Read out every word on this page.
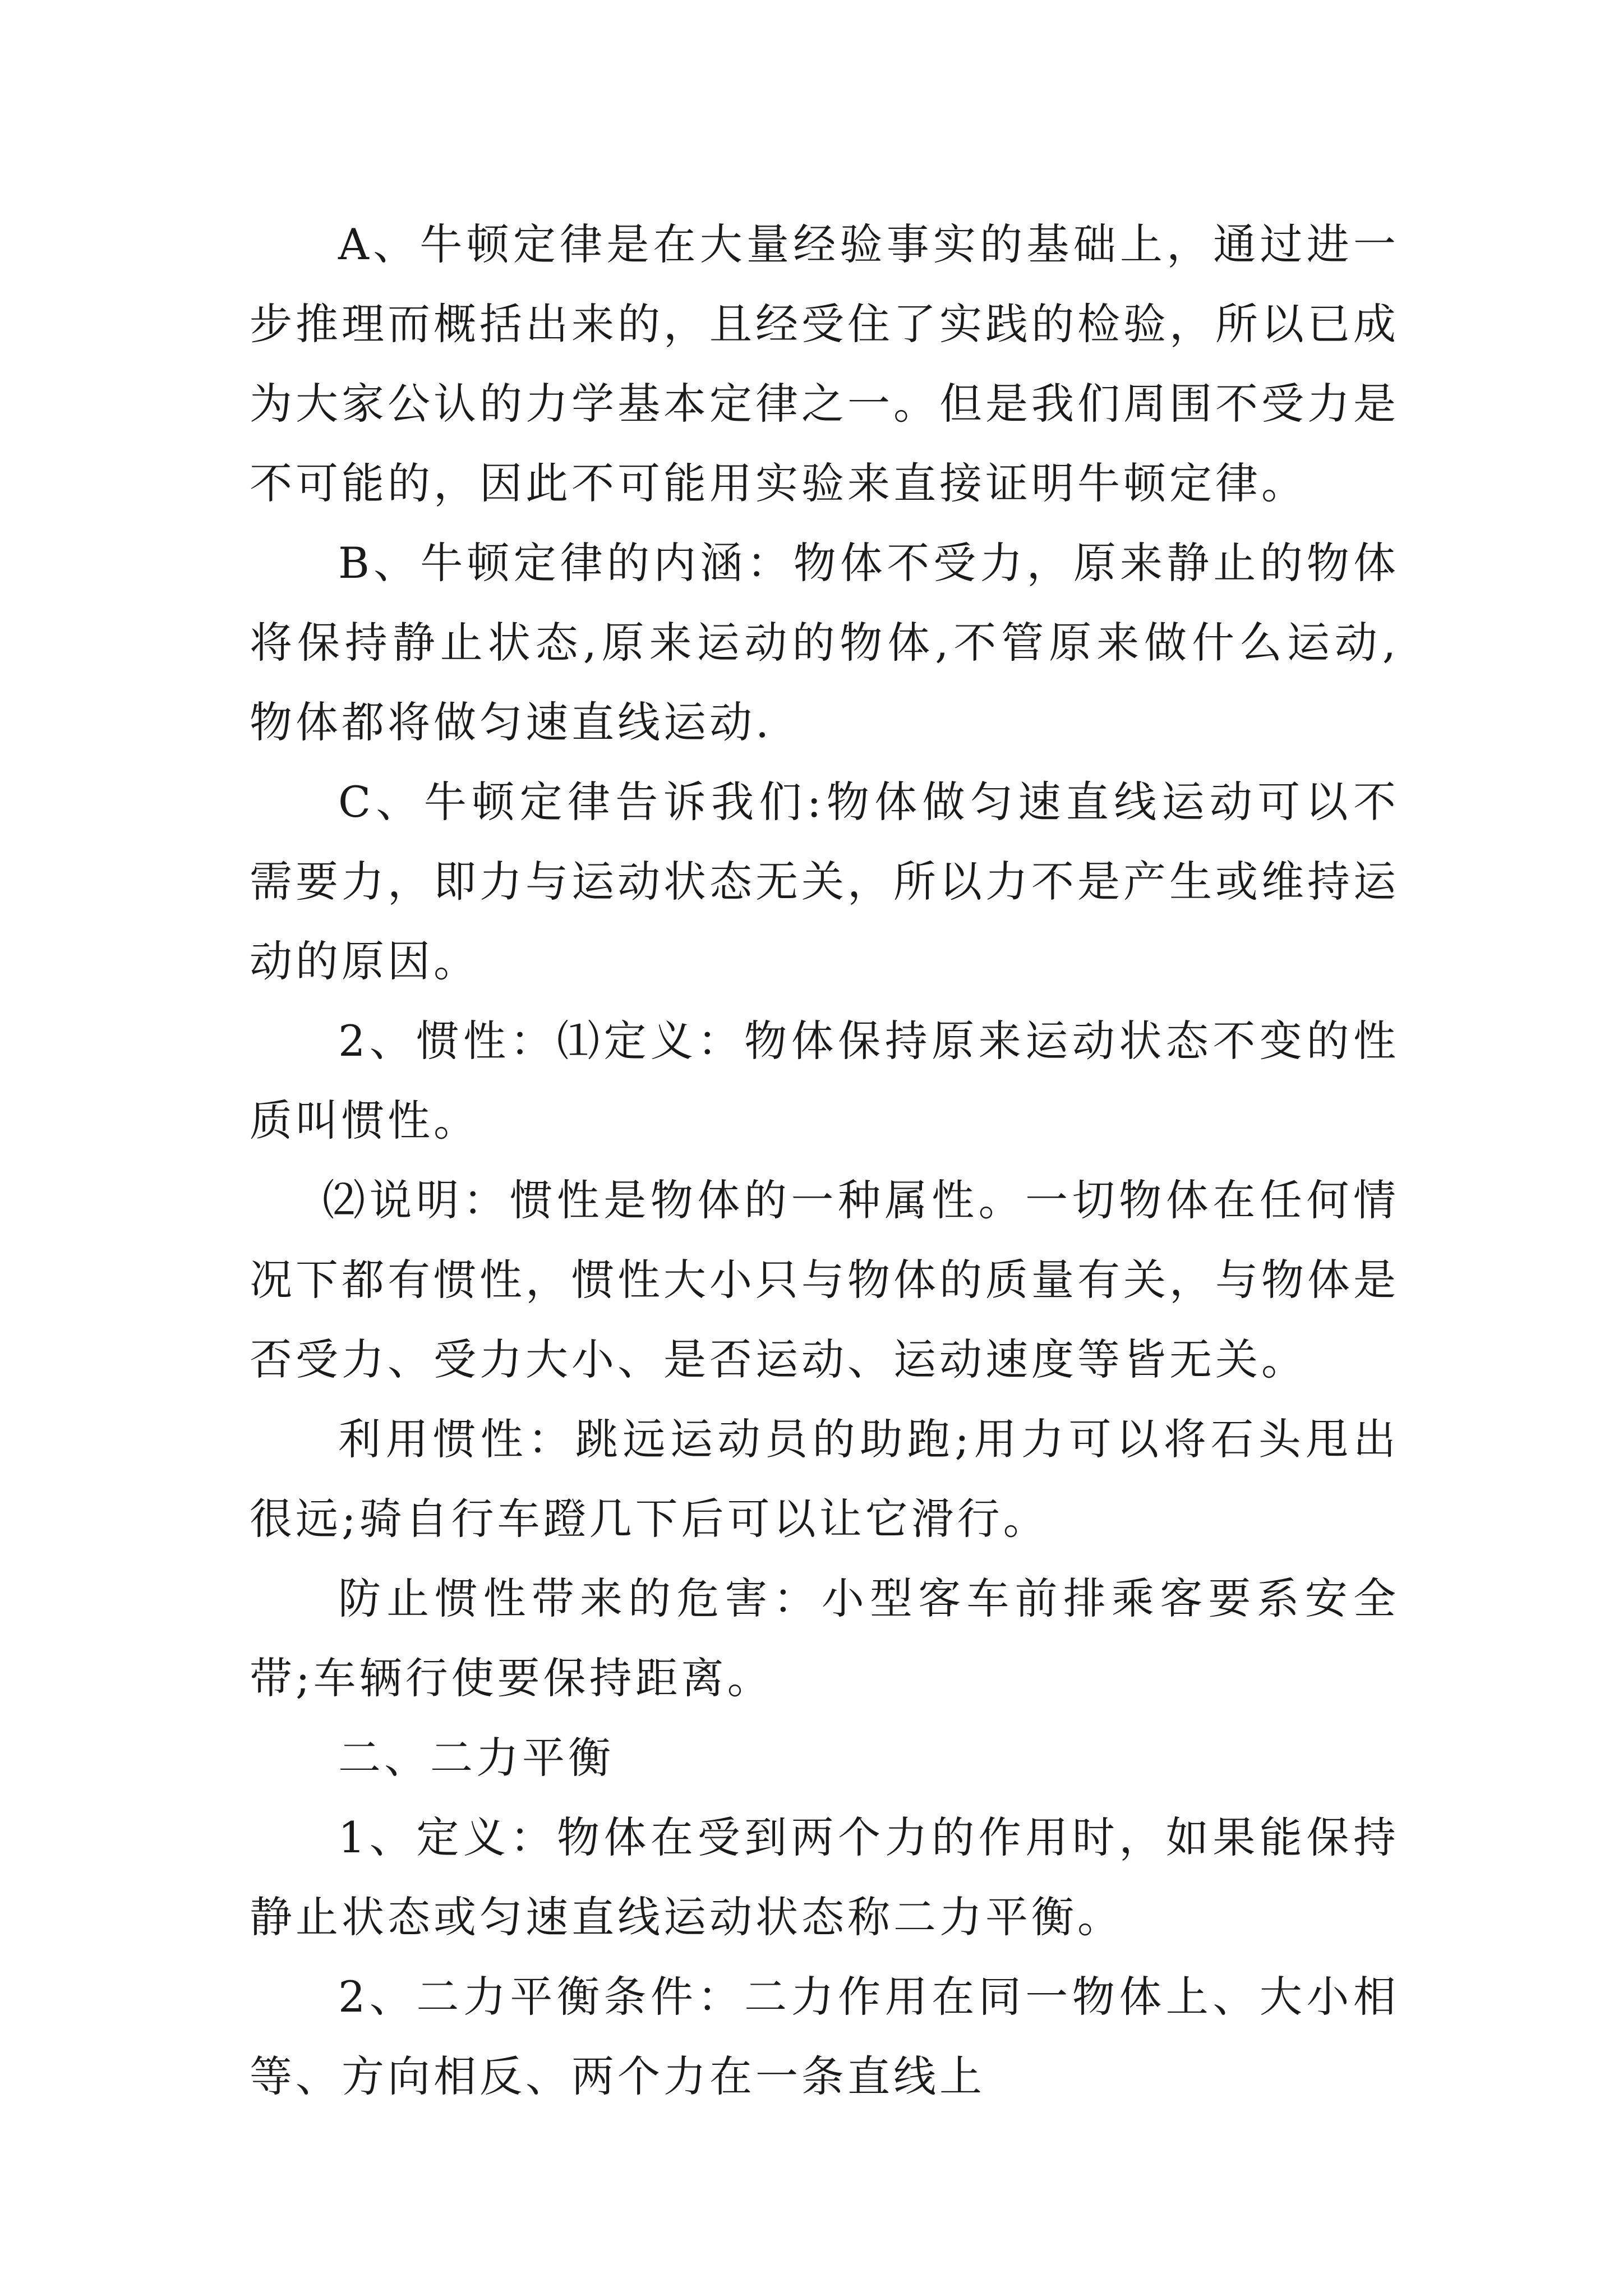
A、牛顿定律是在大量经验事实的基础上，通过进一步推理而概括出来的，且经受住了实践的检验，所以已成为大家公认的力学基本定律之一。但是我们周围不受力是不可能的，因此不可能用实验来直接证明牛顿定律。

B、牛顿定律的内涵：物体不受力，原来静止的物体将保持静止状态,原来运动的物体,不管原来做什么运动,物体都将做匀速直线运动.

C、牛顿定律告诉我们:物体做匀速直线运动可以不需要力，即力与运动状态无关，所以力不是产生或维持运动的原因。

2、惯性：⑴定义：物体保持原来运动状态不变的性质叫惯性。

⑵说明：惯性是物体的一种属性。一切物体在任何情况下都有惯性，惯性大小只与物体的质量有关，与物体是否受力、受力大小、是否运动、运动速度等皆无关。

利用惯性：跳远运动员的助跑;用力可以将石头甩出很远;骑自行车蹬几下后可以让它滑行。

防止惯性带来的危害：小型客车前排乘客要系安全带;车辆行使要保持距离。

二、二力平衡

1、定义：物体在受到两个力的作用时，如果能保持静止状态或匀速直线运动状态称二力平衡。

2、二力平衡条件：二力作用在同一物体上、大小相等、方向相反、两个力在一条直线上
